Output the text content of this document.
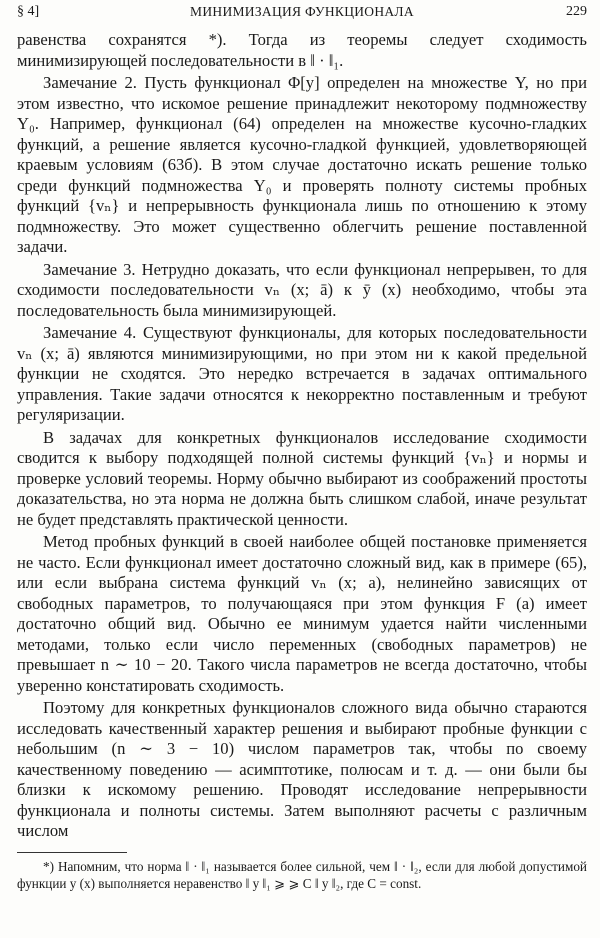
§ 4]	МИНИМИЗАЦИЯ ФУНКЦИОНАЛА	229

равенства сохранятся *). Тогда из теоремы следует сходимость минимизирующей последовательности в ‖ · ‖₁.

Замечание 2. Пусть функционал Φ[y] определен на множестве Y, но при этом известно, что искомое решение принадлежит некоторому подмножеству Y₀. Например, функционал (64) определен на множестве кусочно-гладких функций, а решение является кусочно-гладкой функцией, удовлетворяющей краевым условиям (63б). В этом случае достаточно искать решение только среди функций подмножества Y₀ и проверять полноту системы пробных функций {vₙ} и непрерывность функционала лишь по отношению к этому подмножеству. Это может существенно облегчить решение поставленной задачи.

Замечание 3. Нетрудно доказать, что если функционал непрерывен, то для сходимости последовательности vₙ (x; ā) к ȳ (x) необходимо, чтобы эта последовательность была минимизирующей.

Замечание 4. Существуют функционалы, для которых последовательности vₙ (x; ā) являются минимизирующими, но при этом ни к какой предельной функции не сходятся. Это нередко встречается в задачах оптимального управления. Такие задачи относятся к некорректно поставленным и требуют регуляризации.

В задачах для конкретных функционалов исследование сходимости сводится к выбору подходящей полной системы функций {vₙ} и нормы и проверке условий теоремы. Норму обычно выбирают из соображений простоты доказательства, но эта норма не должна быть слишком слабой, иначе результат не будет представлять практической ценности.

Метод пробных функций в своей наиболее общей постановке применяется не часто. Если функционал имеет достаточно сложный вид, как в примере (65), или если выбрана система функций vₙ (x; a), нелинейно зависящих от свободных параметров, то получающаяся при этом функция F (a) имеет достаточно общий вид. Обычно ее минимум удается найти численными методами, только если число переменных (свободных параметров) не превышает n ∼ 10 − 20. Такого числа параметров не всегда достаточно, чтобы уверенно констатировать сходимость.

Поэтому для конкретных функционалов сложного вида обычно стараются исследовать качественный характер решения и выбирают пробные функции с небольшим (n ∼ 3 − 10) числом параметров так, чтобы по своему качественному поведению — асимптотике, полюсам и т. д. — они были бы близки к искомому решению. Проводят исследование непрерывности функционала и полноты системы. Затем выполняют расчеты с различным числом

*) Напомним, что норма ‖ · ‖₁ называется более сильной, чем ‖ · ‖₂, если для любой допустимой функции y (x) выполняется неравенство ‖ y ‖₁ ⩾ ⩾ C ‖ y ‖₂, где C = const.
